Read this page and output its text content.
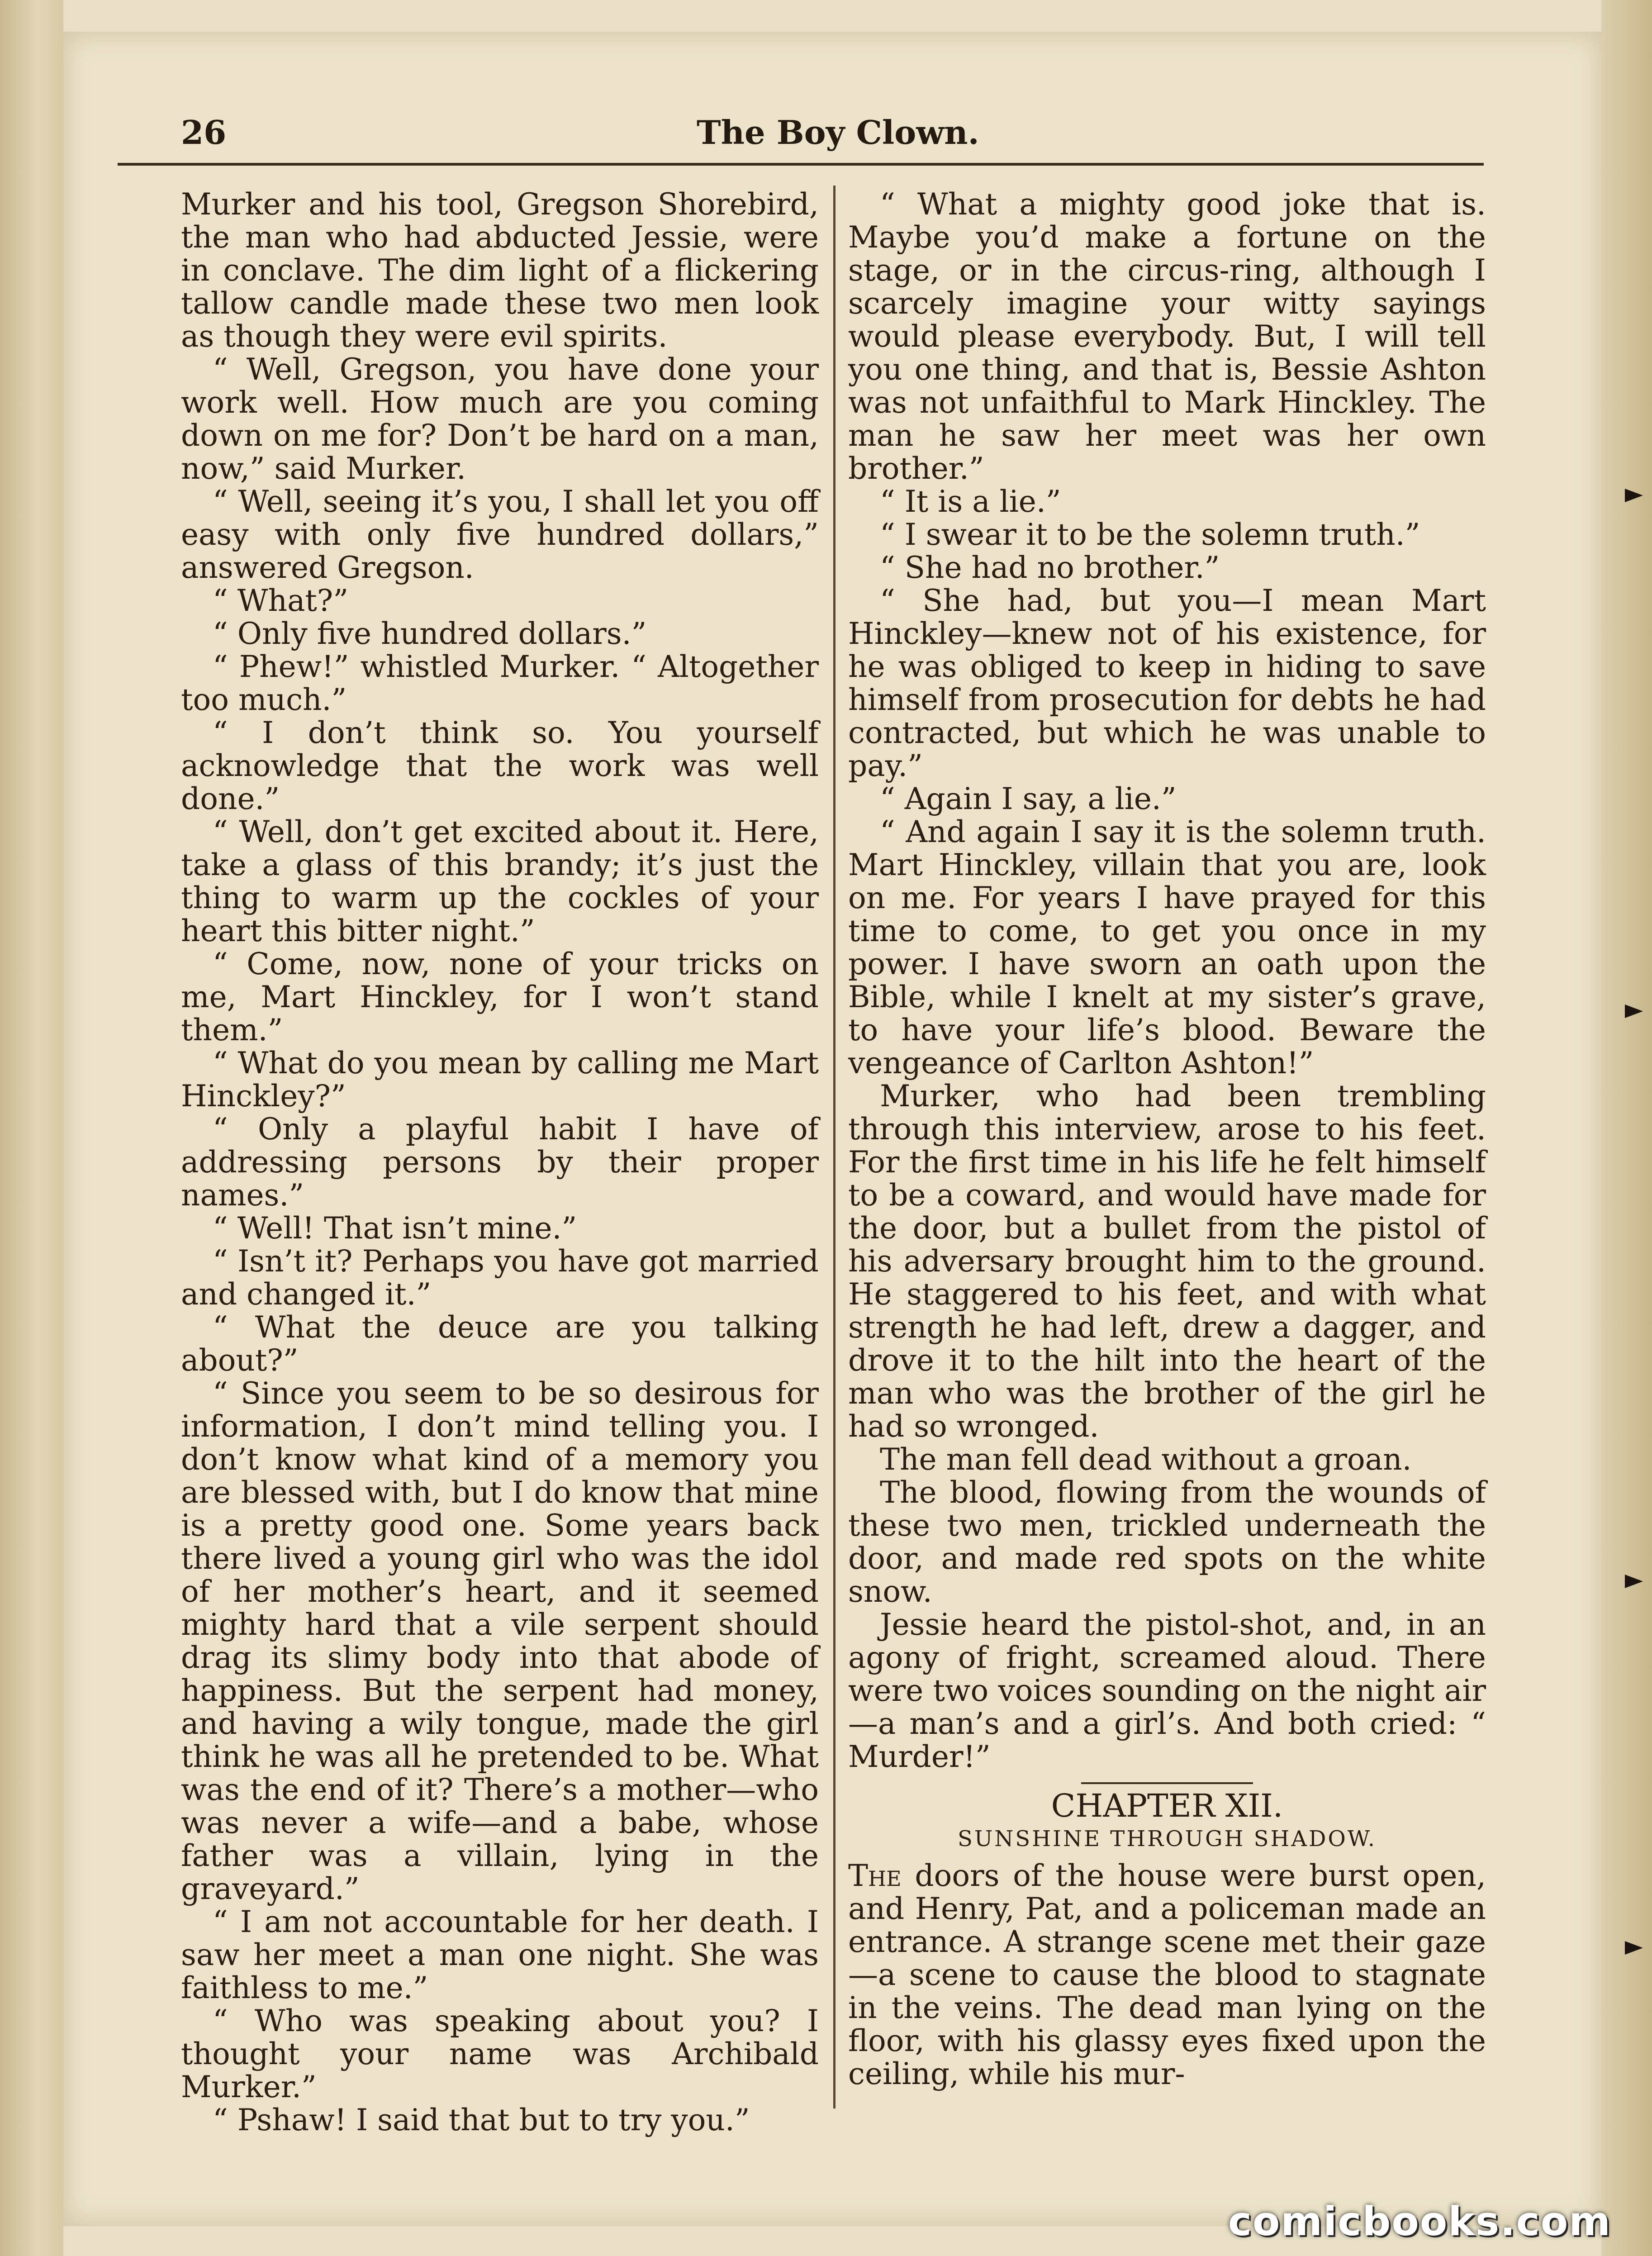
26	The Boy Clown.

Murker and his tool, Gregson Shorebird, the man who had abducted Jessie, were in conclave. The dim light of a flickering tallow candle made these two men look as though they were evil spirits.

“ Well, Gregson, you have done your work well. How much are you coming down on me for? Don’t be hard on a man, now,” said Murker.

“ Well, seeing it’s you, I shall let you off easy with only five hundred dollars,” answered Gregson.

“ What?”

“ Only five hundred dollars.”

“ Phew!” whistled Murker. “ Altogether too much.”

“ I don’t think so. You yourself acknowledge that the work was well done.”

“ Well, don’t get excited about it. Here, take a glass of this brandy; it’s just the thing to warm up the cockles of your heart this bitter night.”

“ Come, now, none of your tricks on me, Mart Hinckley, for I won’t stand them.”

“ What do you mean by calling me Mart Hinckley?”

“ Only a playful habit I have of addressing persons by their proper names.”

“ Well! That isn’t mine.”

“ Isn’t it? Perhaps you have got married and changed it.”

“ What the deuce are you talking about?”

“ Since you seem to be so desirous for information, I don’t mind telling you. I don’t know what kind of a memory you are blessed with, but I do know that mine is a pretty good one. Some years back there lived a young girl who was the idol of her mother’s heart, and it seemed mighty hard that a vile serpent should drag its slimy body into that abode of happiness. But the serpent had money, and having a wily tongue, made the girl think he was all he pretended to be. What was the end of it? There’s a mother—who was never a wife—and a babe, whose father was a villain, lying in the graveyard.”

“ I am not accountable for her death. I saw her meet a man one night. She was faithless to me.”

“ Who was speaking about you? I thought your name was Archibald Murker.”

“ Pshaw! I said that but to try you.”

“ What a mighty good joke that is. Maybe you’d make a fortune on the stage, or in the circus-ring, although I scarcely imagine your witty sayings would please everybody. But, I will tell you one thing, and that is, Bessie Ashton was not unfaithful to Mark Hinckley. The man he saw her meet was her own brother.”

“ It is a lie.”

“ I swear it to be the solemn truth.”

“ She had no brother.”

“ She had, but you—I mean Mart Hinckley—knew not of his existence, for he was obliged to keep in hiding to save himself from prosecution for debts he had contracted, but which he was unable to pay.”

“ Again I say, a lie.”

“ And again I say it is the solemn truth. Mart Hinckley, villain that you are, look on me. For years I have prayed for this time to come, to get you once in my power. I have sworn an oath upon the Bible, while I knelt at my sister’s grave, to have your life’s blood. Beware the vengeance of Carlton Ashton!”

Murker, who had been trembling through this interview, arose to his feet. For the first time in his life he felt himself to be a coward, and would have made for the door, but a bullet from the pistol of his adversary brought him to the ground. He staggered to his feet, and with what strength he had left, drew a dagger, and drove it to the hilt into the heart of the man who was the brother of the girl he had so wronged.

The man fell dead without a groan.

The blood, flowing from the wounds of these two men, trickled underneath the door, and made red spots on the white snow.

Jessie heard the pistol-shot, and, in an agony of fright, screamed aloud. There were two voices sounding on the night air—a man’s and a girl’s. And both cried: “ Murder!”

CHAPTER XII.

SUNSHINE THROUGH SHADOW.

The doors of the house were burst open, and Henry, Pat, and a policeman made an entrance. A strange scene met their gaze—a scene to cause the blood to stagnate in the veins. The dead man lying on the floor, with his glassy eyes fixed upon the ceiling, while his mur-

comicbooks.com
